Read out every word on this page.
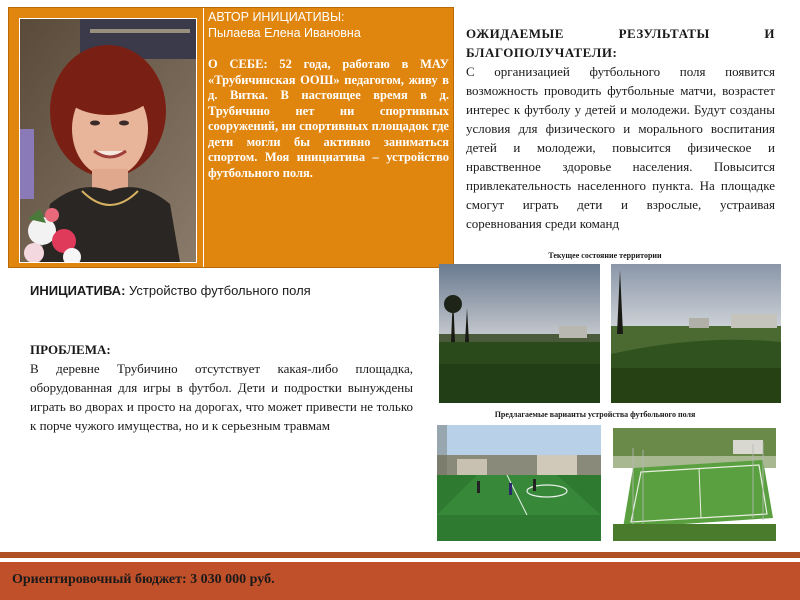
АВТОР ИНИЦИАТИВЫ:
Пылаева Елена Ивановна
О СЕБЕ: 52 года, работаю в МАУ «Трубичинская ООШ» педагогом, живу в д. Витка. В настоящее время в д. Трубичино нет ни спортивных сооружений, ни спортивных площадок где дети могли бы активно заниматься спортом. Моя инициатива – устройство футбольного поля.
ОЖИДАЕМЫЕ РЕЗУЛЬТАТЫ И БЛАГОПОЛУЧАТЕЛИ:
С организацией футбольного поля появится возможность проводить футбольные матчи, возрастет интерес к футболу у детей и молодежи. Будут созданы условия для физического и морального воспитания детей и молодежи, повысится физическое и нравственное здоровье населения. Повысится привлекательность населенного пункта. На площадке смогут играть дети и взрослые, устраивая соревнования среди команд
Текущее состояние территории
Предлагаемые варианты устройства футбольного поля
ИНИЦИАТИВА: Устройство футбольного поля
ПРОБЛЕМА:
В деревне Трубичино отсутствует какая-либо площадка, оборудованная для игры в футбол. Дети и подростки вынуждены играть во дворах и просто на дорогах, что может привести не только к порче чужого имущества, но и к серьезным травмам
Ориентировочный бюджет: 3 030 000 руб.
